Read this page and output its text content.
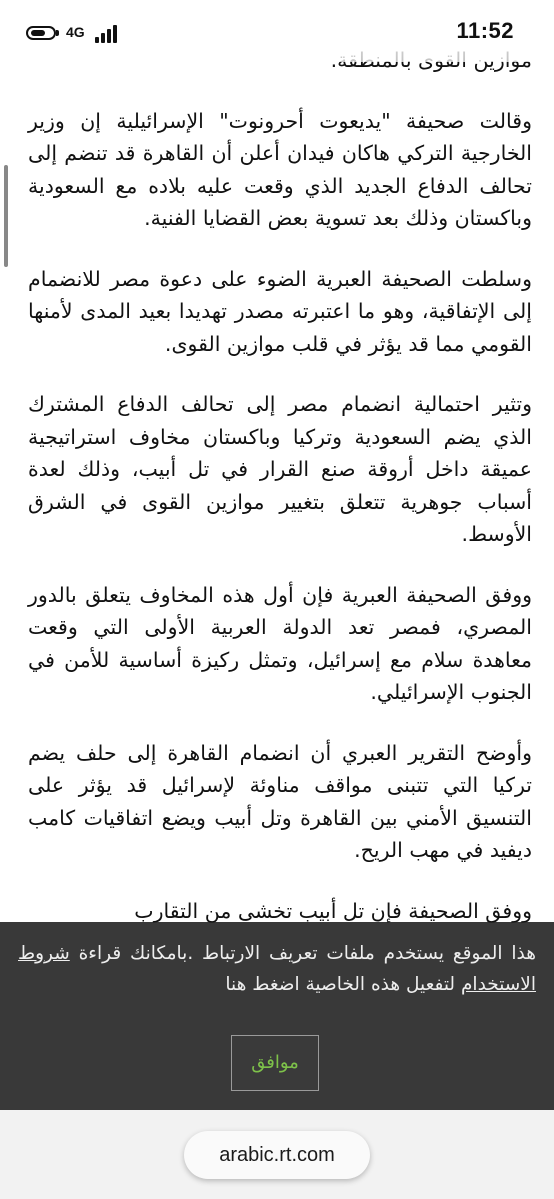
وقالت صحيفة "يديعوت أحرونوت" الإسرائيلية إن وزير الخارجية التركي هاكان فيدان أعلن أن القاهرة قد تنضم إلى تحالف الدفاع الجديد الذي وقعت عليه بلاده مع السعودية وباكستان وذلك بعد تسوية بعض القضايا الفنية.

وسلطت الصحيفة العبرية الضوء على دعوة مصر للانضمام إلى الإتفاقية، وهو ما اعتبرته مصدر تهديدا بعيد المدى لأمنها القومي مما قد يؤثر في قلب موازين القوى.

وتثير احتمالية انضمام مصر إلى تحالف الدفاع المشترك الذي يضم السعودية وتركيا وباكستان مخاوف استراتيجية عميقة داخل أروقة صنع القرار في تل أبيب، وذلك لعدة أسباب جوهرية تتعلق بتغيير موازين القوى في الشرق الأوسط.

ووفق الصحيفة العبرية فإن أول هذه المخاوف يتعلق بالدور المصري، فمصر تعد الدولة العربية الأولى التي وقعت معاهدة سلام مع إسرائيل، وتمثل ركيزة أساسية للأمن في الجنوب الإسرائيلي.

وأوضح التقرير العبري أن انضمام القاهرة إلى حلف يضم تركيا التي تتبنى مواقف مناوئة لإسرائيل قد يؤثر على التنسيق الأمني بين القاهرة وتل أبيب ويضع اتفاقيات كامب ديفيد في مهب الريح.

ووفق الصحيفة فإن تل أبيب تخشى من التقارب

4G	11:52
هذا الموقع يستخدم ملفات تعريف الارتباط .بامكانك قراءة شروط الاستخدام لتفعيل هذه الخاصية اضغط هنا
موافق
arabic.rt.com
